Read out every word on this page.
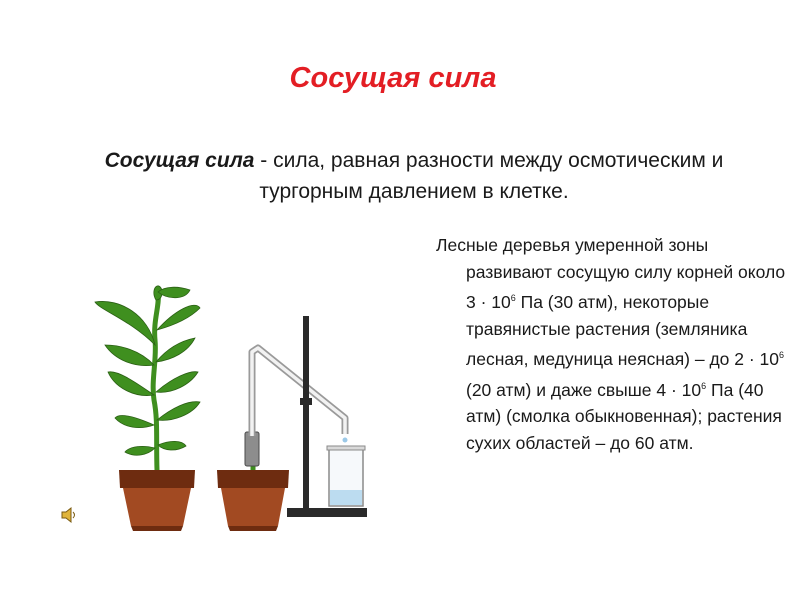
Сосущая сила
Сосущая сила - сила, равная разности между осмотическим и тургорным давлением в клетке.
Лесные деревья умеренной зоны развивают сосущую силу корней около $3 \cdot 10^6$ Па (30 атм), некоторые травянистые растения (земляника лесная, медуница неясная) – до $2 \cdot 10^6$ (20 атм) и даже свыше $4 \cdot 10^6$ Па (40 атм) (смолка обыкновенная); растения сухих областей – до 60 атм.
